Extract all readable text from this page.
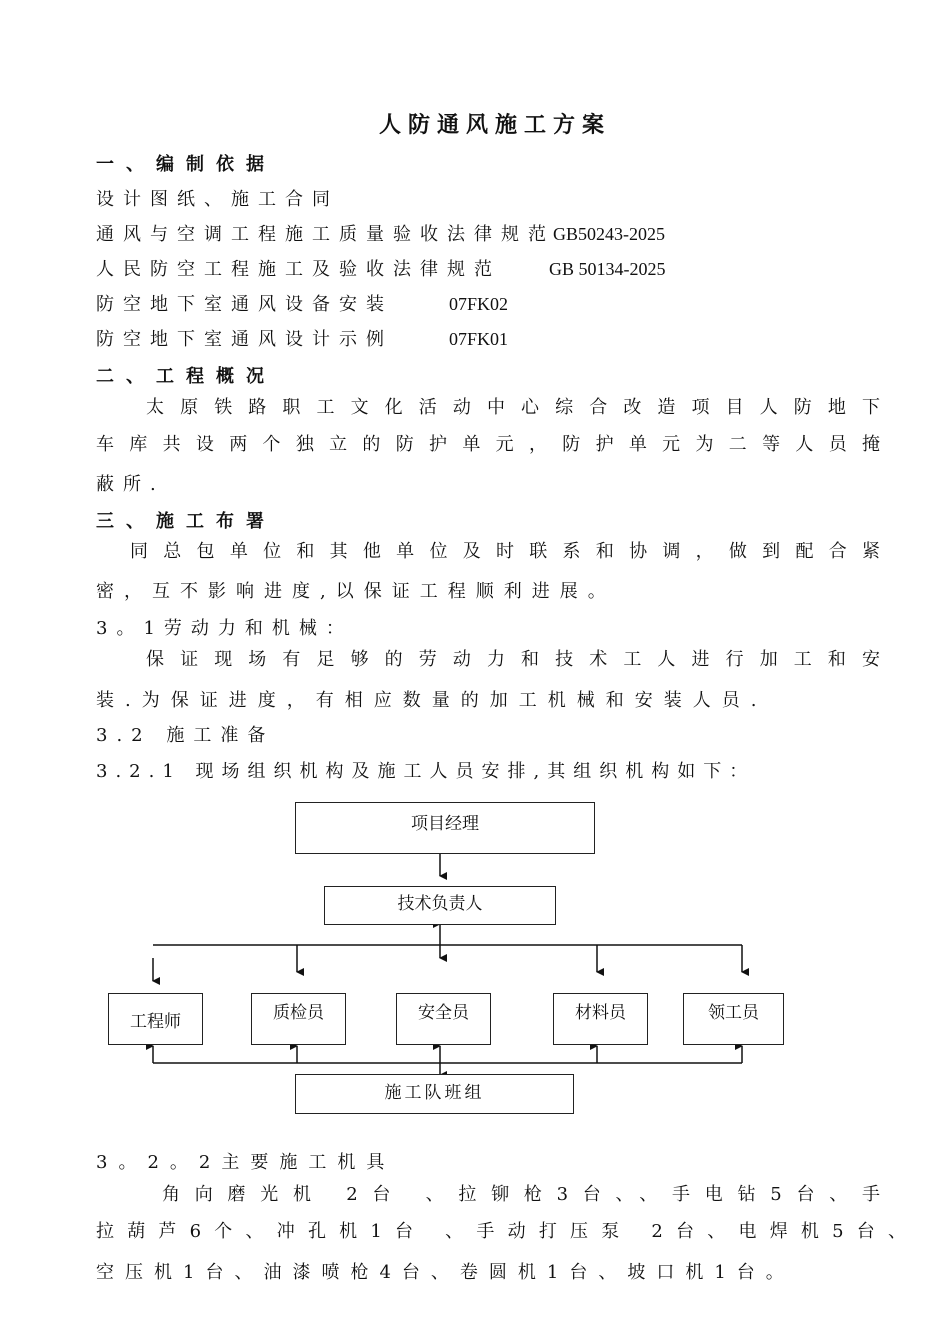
人防通风施工方案
一、编制依据
设计图纸、施工合同
通风与空调工程施工质量验收法律规范GB50243-2025
人民防空工程施工及验收法律规范	GB 50134-2025
防空地下室通风设备安装	07FK02
防空地下室通风设计示例	07FK01
二、工程概况
太原铁路职工文化活动中心综合改造项目人防地下
车库共设两个独立的防护单元，防护单元为二等人员掩
蔽所.
三、施工布署
同总包单位和其他单位及时联系和协调，做到配合紧
密，互不影响进度,以保证工程顺利进展。
3。1劳动力和机械：
保证现场有足够的劳动力和技术工人进行加工和安
装.为保证进度，有相应数量的加工机械和安装人员.
3.2 施工准备
3.2.1 现场组织机构及施工人员安排,其组织机构如下：
项目经理
技术负责人
工程师	质检员	安全员	材料员	领工员
施工队班组
3。2。2主要施工机具
角向磨光机 2台 、拉铆枪3台、、手电钻5台、手
拉葫芦6个、冲孔机1台 、手动打压泵 2台、电焊机5台、
空压机1台、油漆喷枪4台、卷圆机1台、坡口机1台。
